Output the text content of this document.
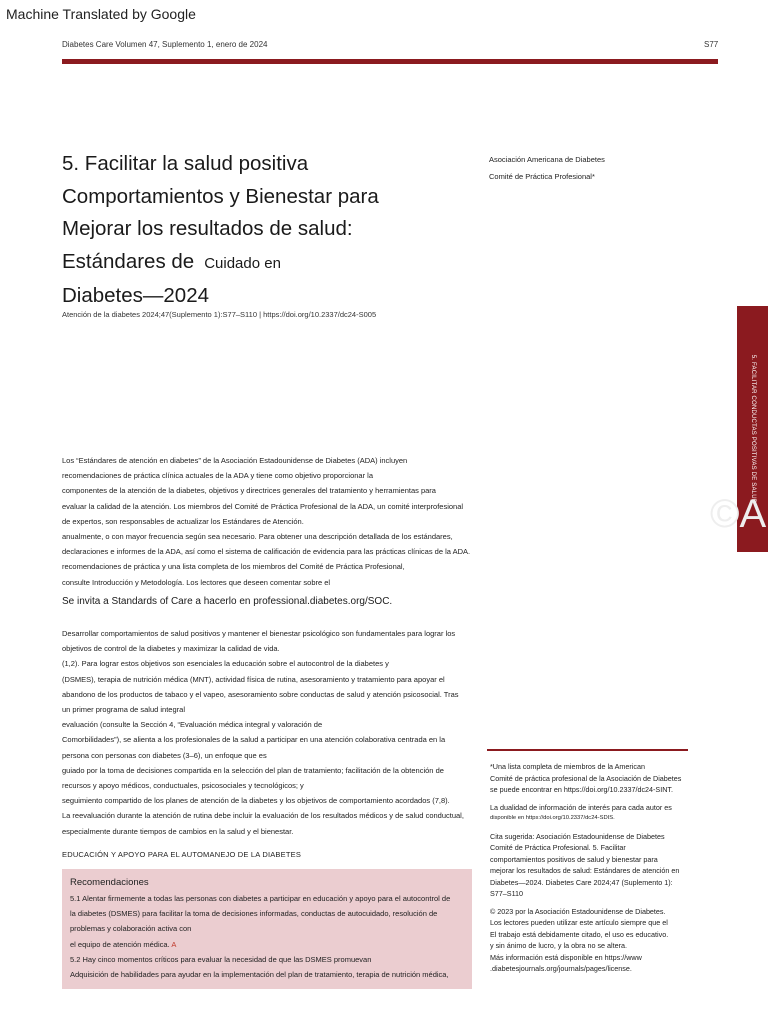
Machine Translated by Google
Diabetes Care Volumen 47, Suplemento 1, enero de 2024	S77
5. Facilitar la salud positiva
Comportamientos y Bienestar para
Mejorar los resultados de salud:
Estándares de Cuidado en
Diabetes—2024
Atención de la diabetes 2024;47(Suplemento 1):S77–S110 | https://doi.org/10.2337/dc24-S005
Asociación Americana de Diabetes
Comité de Práctica Profesional*
5. FACILITAR CONDUCTAS POSITIVAS DE SALUD
©A
Los “Estándares de atención en diabetes” de la Asociación Estadounidense de Diabetes (ADA) incluyen
recomendaciones de práctica clínica actuales de la ADA y tiene como objetivo proporcionar la
componentes de la atención de la diabetes, objetivos y directrices generales del tratamiento y herramientas para
evaluar la calidad de la atención. Los miembros del Comité de Práctica Profesional de la ADA, un comité interprofesional
de expertos, son responsables de actualizar los Estándares de Atención.
anualmente, o con mayor frecuencia según sea necesario. Para obtener una descripción detallada de los estándares,
declaraciones e informes de la ADA, así como el sistema de calificación de evidencia para las prácticas clínicas de la ADA.
recomendaciones de práctica y una lista completa de los miembros del Comité de Práctica Profesional,
consulte Introducción y Metodología. Los lectores que deseen comentar sobre el
Se invita a Standards of Care a hacerlo en professional.diabetes.org/SOC.
Desarrollar comportamientos de salud positivos y mantener el bienestar psicológico son fundamentales para lograr los
objetivos de control de la diabetes y maximizar la calidad de vida.
(1,2). Para lograr estos objetivos son esenciales la educación sobre el autocontrol de la diabetes y
(DSMES), terapia de nutrición médica (MNT), actividad física de rutina, asesoramiento y tratamiento para apoyar el
abandono de los productos de tabaco y el vapeo, asesoramiento sobre conductas de salud y atención psicosocial. Tras
un primer programa de salud integral
evaluación (consulte la Sección 4, “Evaluación médica integral y valoración de
Comorbilidades”), se alienta a los profesionales de la salud a participar en una atención colaborativa centrada en la
persona con personas con diabetes (3–6), un enfoque que es
guiado por la toma de decisiones compartida en la selección del plan de tratamiento; facilitación de la obtención de
recursos y apoyo médicos, conductuales, psicosociales y tecnológicos; y
seguimiento compartido de los planes de atención de la diabetes y los objetivos de comportamiento acordados (7,8).
La reevaluación durante la atención de rutina debe incluir la evaluación de los resultados médicos y de salud conductual,
especialmente durante tiempos de cambios en la salud y el bienestar.
EDUCACIÓN Y APOYO PARA EL AUTOMANEJO DE LA DIABETES
Recomendaciones
5.1 Alentar firmemente a todas las personas con diabetes a participar en educación y apoyo para el autocontrol de
la diabetes (DSMES) para facilitar la toma de decisiones informadas, conductas de autocuidado, resolución de
problemas y colaboración activa con
el equipo de atención médica. A
5.2 Hay cinco momentos críticos para evaluar la necesidad de que las DSMES promuevan
Adquisición de habilidades para ayudar en la implementación del plan de tratamiento, terapia de nutrición médica,
*Una lista completa de miembros de la American
Comité de práctica profesional de la Asociación de Diabetes
se puede encontrar en https://doi.org/10.2337/dc24-SINT.
La dualidad de información de interés para cada autor es
disponible en https://doi.org/10.2337/dc24-SDIS.
Cita sugerida: Asociación Estadounidense de Diabetes
Comité de Práctica Profesional. 5. Facilitar
comportamientos positivos de salud y bienestar para
mejorar los resultados de salud: Estándares de atención en
Diabetes—2024. Diabetes Care 2024;47 (Suplemento 1):
S77–S110
© 2023 por la Asociación Estadounidense de Diabetes.
Los lectores pueden utilizar este artículo siempre que el
El trabajo está debidamente citado, el uso es educativo.
y sin ánimo de lucro, y la obra no se altera.
Más información está disponible en https://www
.diabetesjournals.org/journals/pages/license.
